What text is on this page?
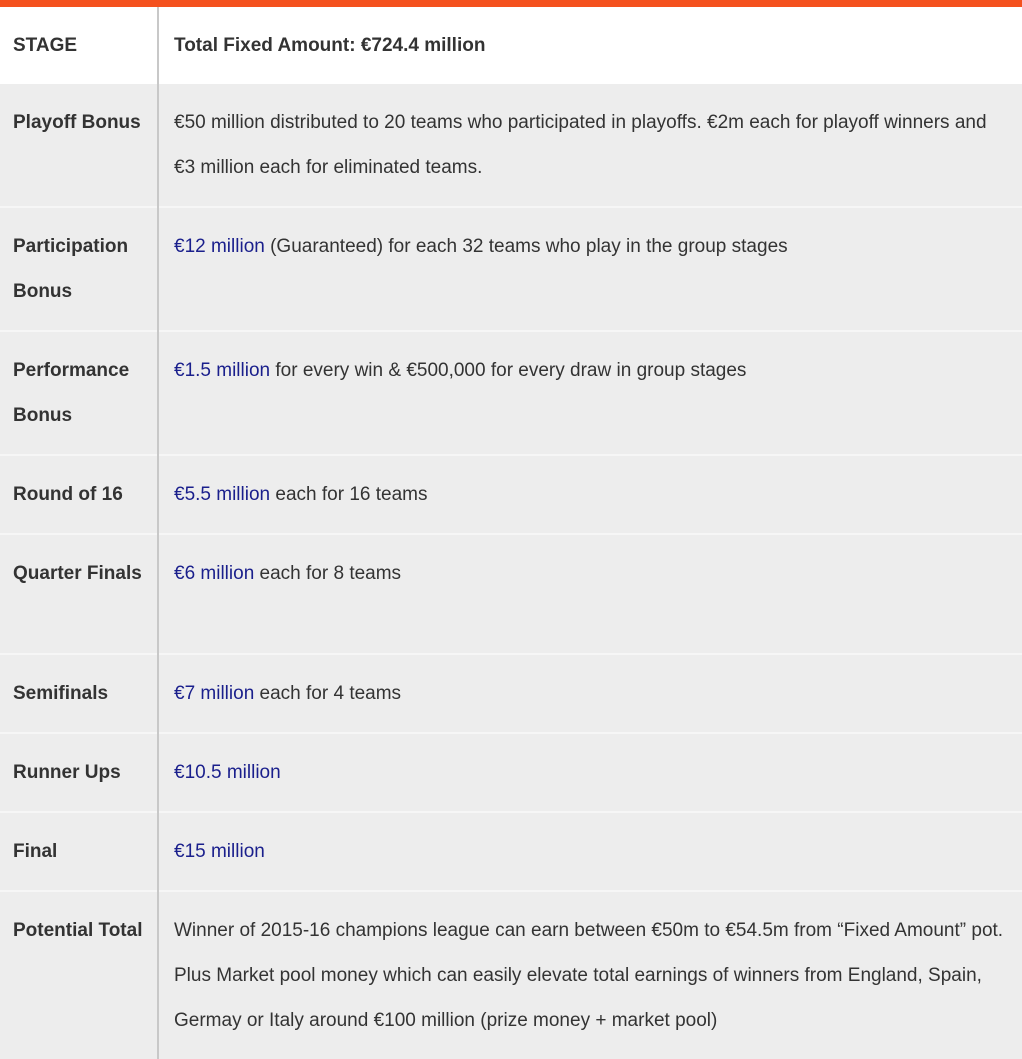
STAGE	Total Fixed Amount: €724.4 million
Playoff Bonus	€50 million distributed to 20 teams who participated in playoffs. €2m each for playoff winners and €3 million each for eliminated teams.
Participation Bonus	€12 million (Guaranteed) for each 32 teams who play in the group stages
Performance Bonus	€1.5 million for every win & €500,000 for every draw in group stages
Round of 16	€5.5 million each for 16 teams
Quarter Finals	€6 million each for 8 teams
Semifinals	€7 million each for 4 teams
Runner Ups	€10.5 million
Final	€15 million
Potential Total	Winner of 2015-16 champions league can earn between €50m to €54.5m from “Fixed Amount” pot. Plus Market pool money which can easily elevate total earnings of winners from England, Spain, Germay or Italy around €100 million (prize money + market pool)
